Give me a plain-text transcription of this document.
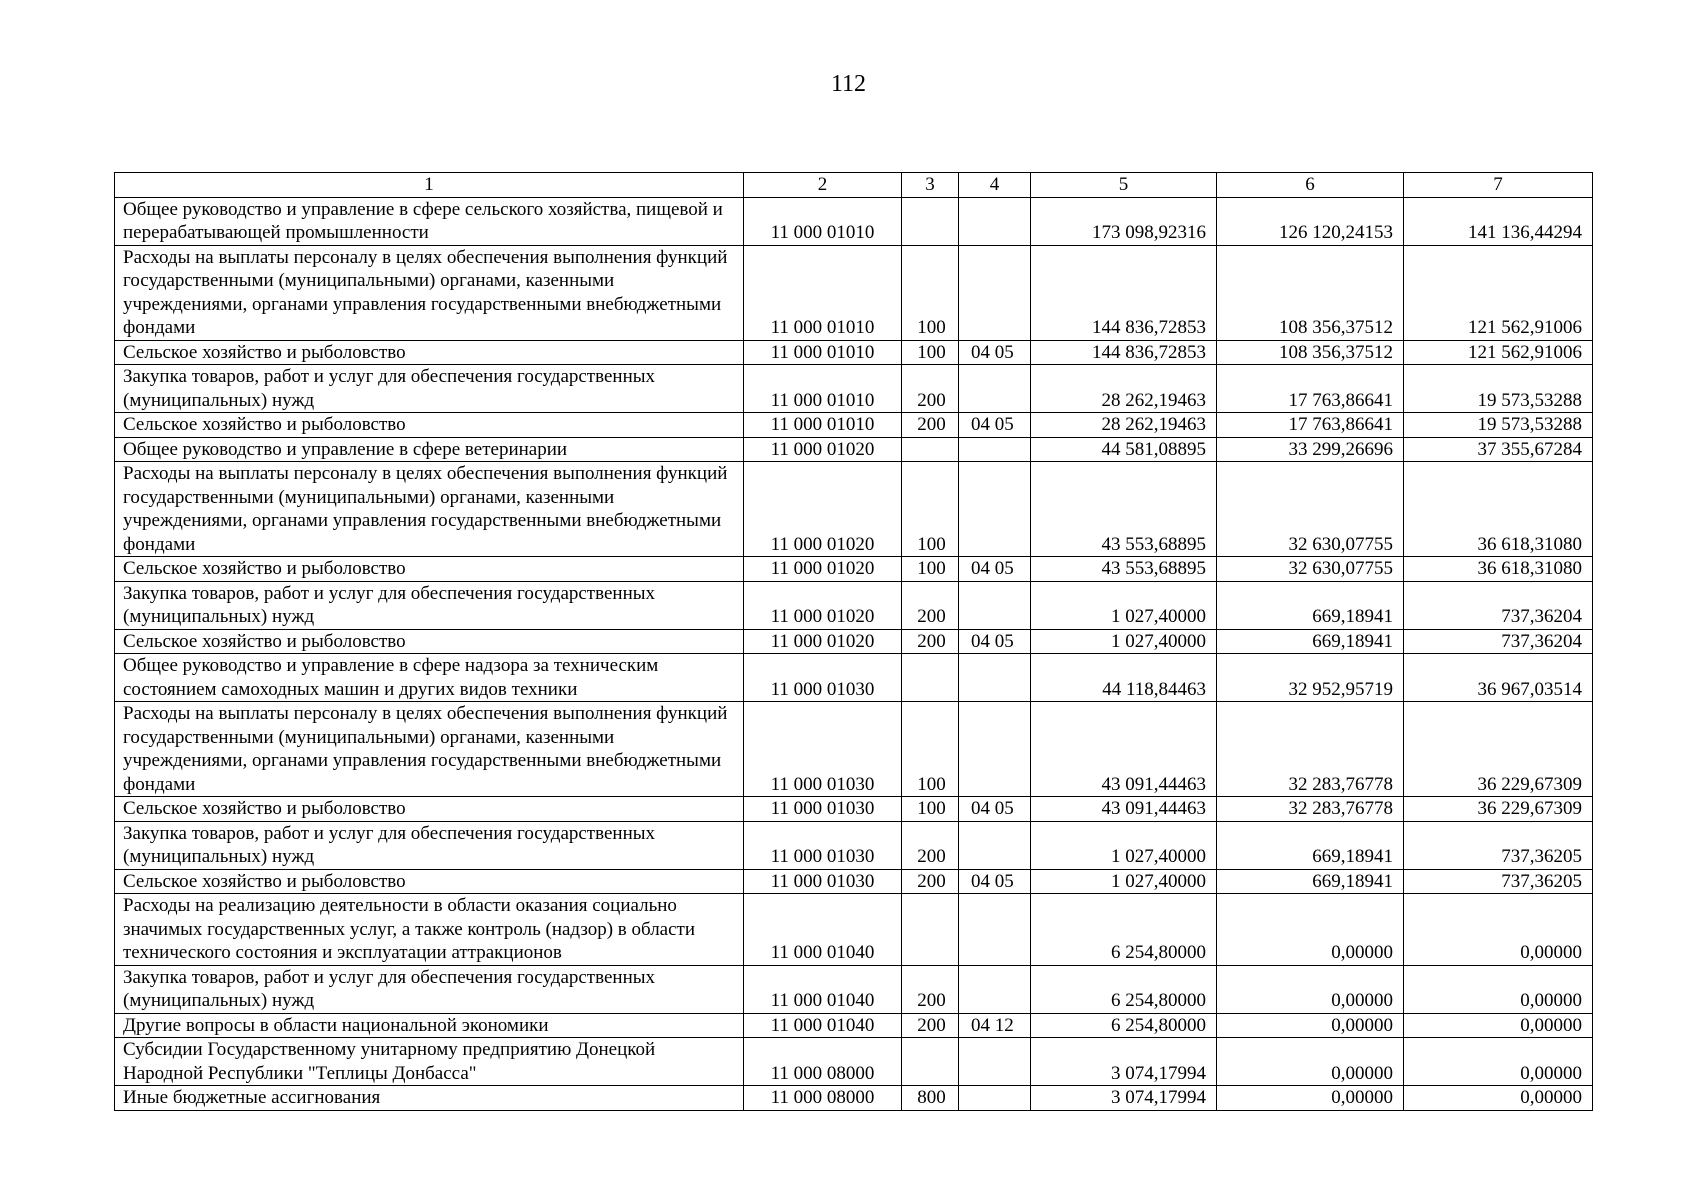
112
1	2	3	4	5	6	7
Общее руководство и управление в сфере сельского хозяйства, пищевой и перерабатывающей промышленности	11 000 01010			173 098,92316	126 120,24153	141 136,44294
Расходы на выплаты персоналу в целях обеспечения выполнения функций государственными (муниципальными) органами, казенными учреждениями, органами управления государственными внебюджетными фондами	11 000 01010	100		144 836,72853	108 356,37512	121 562,91006
Сельское хозяйство и рыболовство	11 000 01010	100	04 05	144 836,72853	108 356,37512	121 562,91006
Закупка товаров, работ и услуг для обеспечения государственных (муниципальных) нужд	11 000 01010	200		28 262,19463	17 763,86641	19 573,53288
Сельское хозяйство и рыболовство	11 000 01010	200	04 05	28 262,19463	17 763,86641	19 573,53288
Общее руководство и управление в сфере ветеринарии	11 000 01020			44 581,08895	33 299,26696	37 355,67284
Расходы на выплаты персоналу в целях обеспечения выполнения функций государственными (муниципальными) органами, казенными учреждениями, органами управления государственными внебюджетными фондами	11 000 01020	100		43 553,68895	32 630,07755	36 618,31080
Сельское хозяйство и рыболовство	11 000 01020	100	04 05	43 553,68895	32 630,07755	36 618,31080
Закупка товаров, работ и услуг для обеспечения государственных (муниципальных) нужд	11 000 01020	200		1 027,40000	669,18941	737,36204
Сельское хозяйство и рыболовство	11 000 01020	200	04 05	1 027,40000	669,18941	737,36204
Общее руководство и управление в сфере надзора за техническим состоянием самоходных машин и других видов техники	11 000 01030			44 118,84463	32 952,95719	36 967,03514
Расходы на выплаты персоналу в целях обеспечения выполнения функций государственными (муниципальными) органами, казенными учреждениями, органами управления государственными внебюджетными фондами	11 000 01030	100		43 091,44463	32 283,76778	36 229,67309
Сельское хозяйство и рыболовство	11 000 01030	100	04 05	43 091,44463	32 283,76778	36 229,67309
Закупка товаров, работ и услуг для обеспечения государственных (муниципальных) нужд	11 000 01030	200		1 027,40000	669,18941	737,36205
Сельское хозяйство и рыболовство	11 000 01030	200	04 05	1 027,40000	669,18941	737,36205
Расходы на реализацию деятельности в области оказания социально значимых государственных услуг, а также контроль (надзор) в области технического состояния и эксплуатации аттракционов	11 000 01040			6 254,80000	0,00000	0,00000
Закупка товаров, работ и услуг для обеспечения государственных (муниципальных) нужд	11 000 01040	200		6 254,80000	0,00000	0,00000
Другие вопросы в области национальной экономики	11 000 01040	200	04 12	6 254,80000	0,00000	0,00000
Субсидии Государственному унитарному предприятию Донецкой Народной Республики "Теплицы Донбасса"	11 000 08000			3 074,17994	0,00000	0,00000
Иные бюджетные ассигнования	11 000 08000	800		3 074,17994	0,00000	0,00000
